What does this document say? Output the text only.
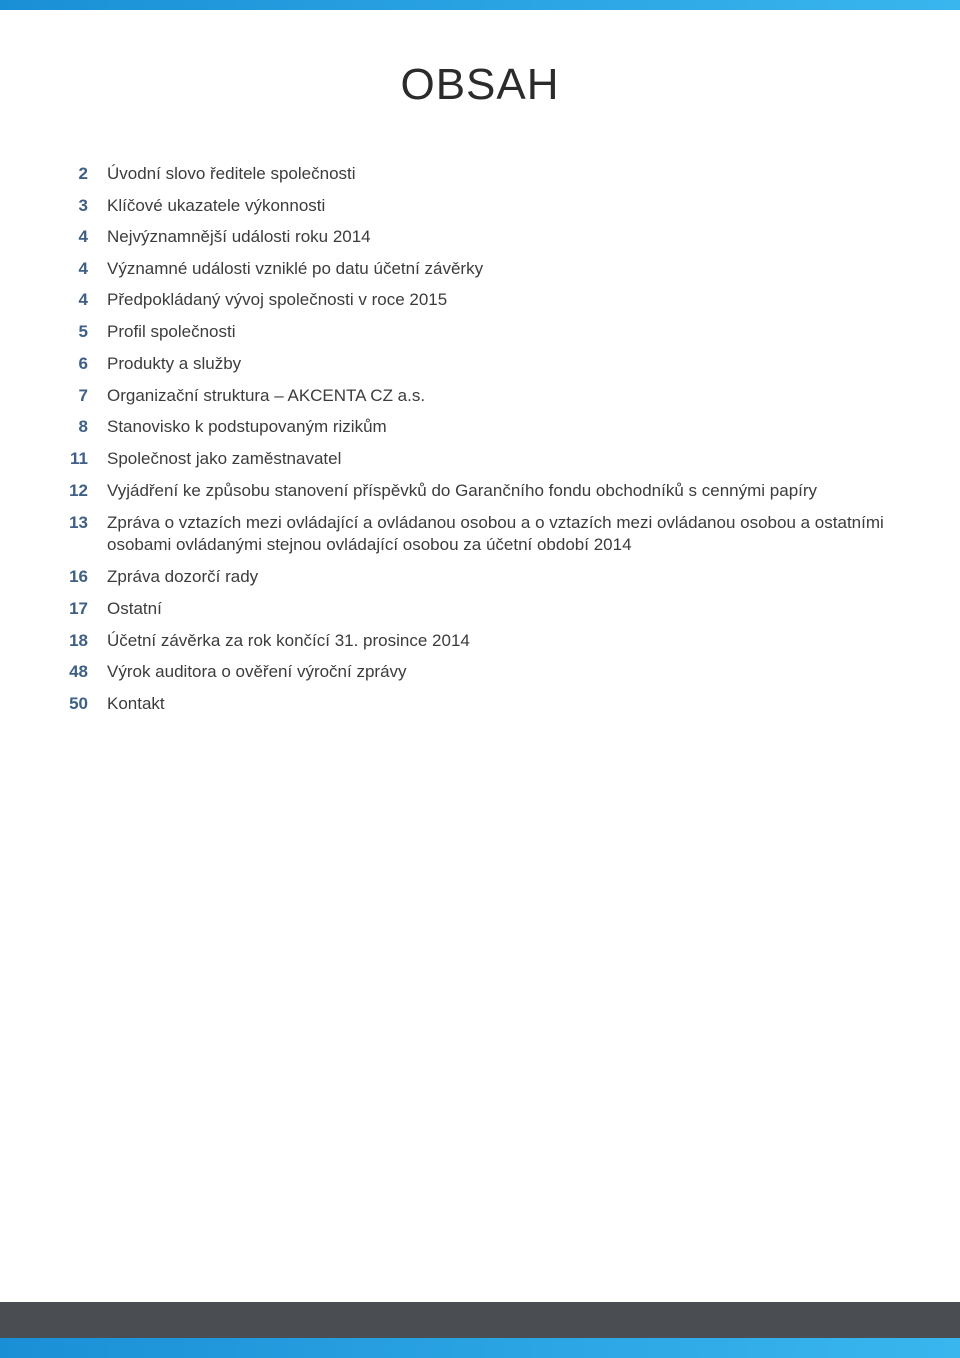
OBSAH
2 Úvodní slovo ředitele společnosti
3 Klíčové ukazatele výkonnosti
4 Nejvýznamnější události roku 2014
4 Významné události vzniklé po datu účetní závěrky
4 Předpokládaný vývoj společnosti v roce 2015
5 Profil společnosti
6 Produkty a služby
7 Organizační struktura – AKCENTA CZ a.s.
8 Stanovisko k podstupovaným rizikům
11 Společnost jako zaměstnavatel
12 Vyjádření ke způsobu stanovení příspěvků do Garančního fondu obchodníků s cennými papíry
13 Zpráva o vztazích mezi ovládající a ovládanou osobou a o vztazích mezi ovládanou osobou a ostatními osobami ovládanými stejnou ovládající osobou za účetní období 2014
16 Zpráva dozorčí rady
17 Ostatní
18 Účetní závěrka za rok končící 31. prosince 2014
48 Výrok auditora o ověření výroční zprávy
50 Kontakt
